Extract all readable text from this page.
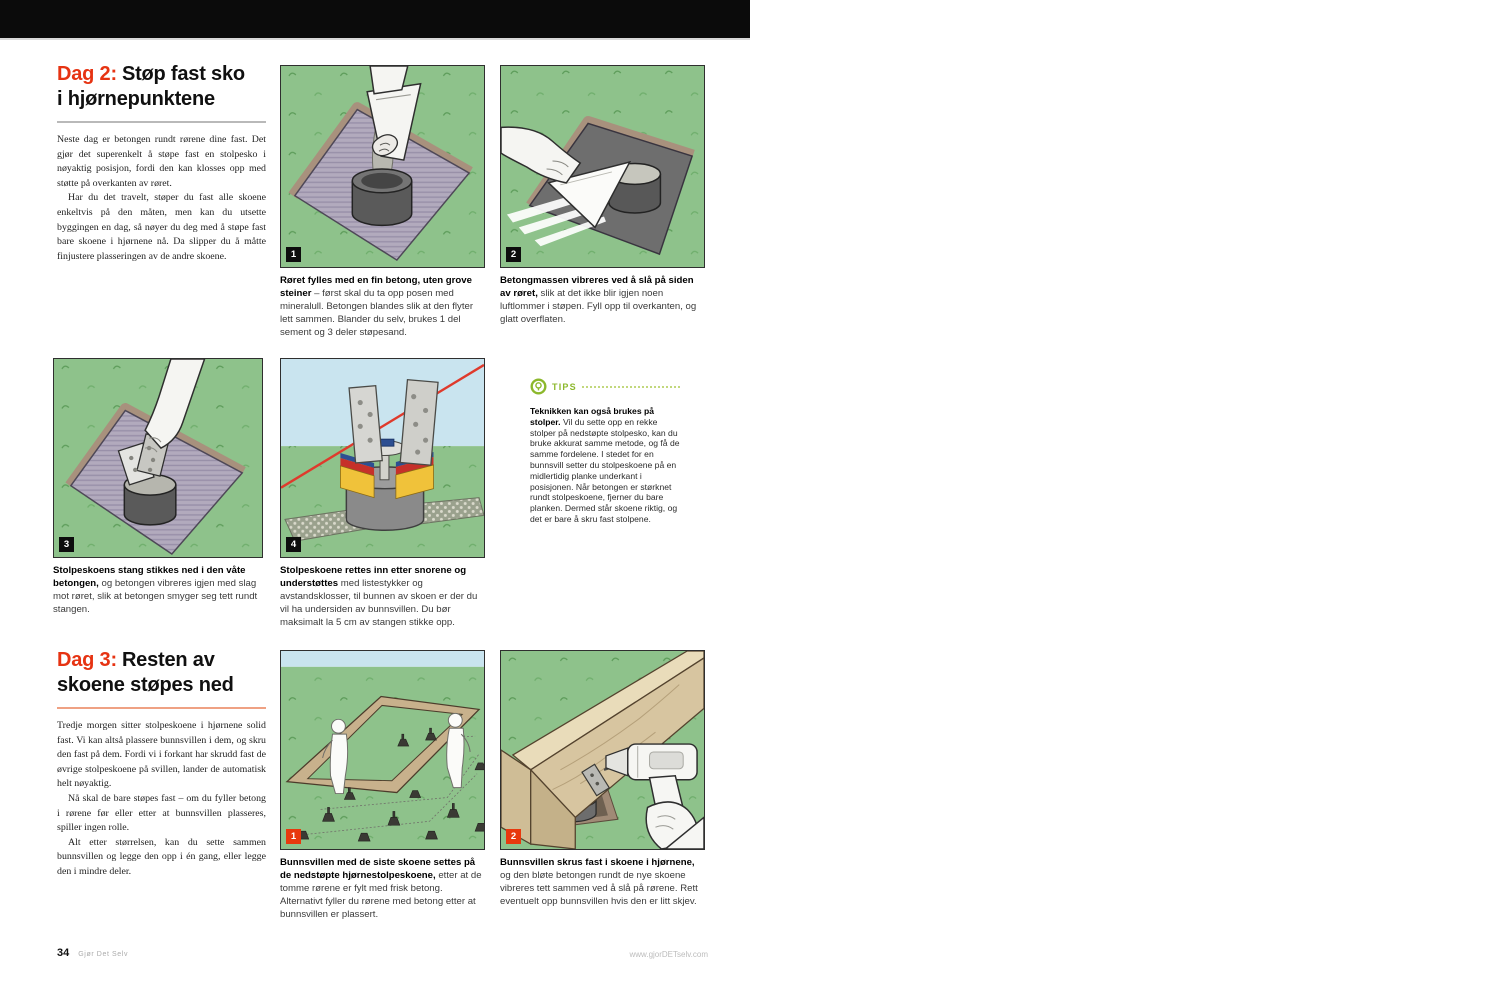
Dag 2: Støp fast sko
i hjørnepunktene

Neste dag er betongen rundt rørene dine fast. Det gjør det superenkelt å støpe fast en stolpesko i nøyaktig posisjon, fordi den kan klosses opp med støtte på overkanten av røret.

Har du det travelt, støper du fast alle skoene enkeltvis på den måten, men kan du utsette byggingen en dag, så nøyer du deg med å støpe fast bare skoene i hjørnene nå. Da slipper du å måtte finjustere plasseringen av de andre skoene.	1
Røret fylles med en fin betong, uten grove steiner – først skal du ta opp posen med mineralull. Betongen blandes slik at den flyter lett sammen. Blander du selv, brukes 1 del sement og 3 deler støpesand.
2
Betongmassen vibreres ved å slå på siden av røret, slik at det ikke blir igjen noen luftlommer i støpen. Fyll opp til overkanten, og glatt overflaten.
3
Stolpeskoens stang stikkes ned i den våte betongen, og betongen vibreres igjen med slag mot røret, slik at betongen smyger seg tett rundt stangen.
4
Stolpeskoene rettes inn etter snorene og understøttes med listestykker og avstandsklosser, til bunnen av skoen er der du vil ha undersiden av bunnsvillen. Du bør maksimalt la 5 cm av stangen stikke opp.
TIPS
Teknikken kan også brukes på stolper. Vil du sette opp en rekke stolper på nedstøpte stolpesko, kan du bruke akkurat samme metode, og få de samme fordelene. I stedet for en bunnsvill setter du stolpeskoene på en midlertidig planke underkant i posisjonen. Når betongen er størknet rundt stolpeskoene, fjerner du bare planken. Dermed står skoene riktig, og det er bare å skru fast stolpene.
Dag 3: Resten av
skoene støpes ned

Tredje morgen sitter stolpeskoene i hjørnene solid fast. Vi kan altså plassere bunnsvillen i dem, og skru den fast på dem. Fordi vi i forkant har skrudd fast de øvrige stolpeskoene på svillen, lander de automatisk helt nøyaktig.

Nå skal de bare støpes fast – om du fyller betong i rørene før eller etter at bunnsvillen plasseres, spiller ingen rolle.

Alt etter størrelsen, kan du sette sammen bunnsvillen og legge den opp i én gang, eller legge den i mindre deler.

1
Bunnsvillen med de siste skoene settes på de nedstøpte hjørnestolpeskoene, etter at de tomme rørene er fylt med frisk betong. Alternativt fyller du rørene med betong etter at bunnsvillen er plassert.
2
Bunnsvillen skrus fast i skoene i hjørnene, og den bløte betongen rundt de nye skoene vibreres tett sammen ved å slå på rørene. Rett eventuelt opp bunnsvillen hvis den er litt skjev.
34 Gjør Det Selv	www.gjorDETselv.com
